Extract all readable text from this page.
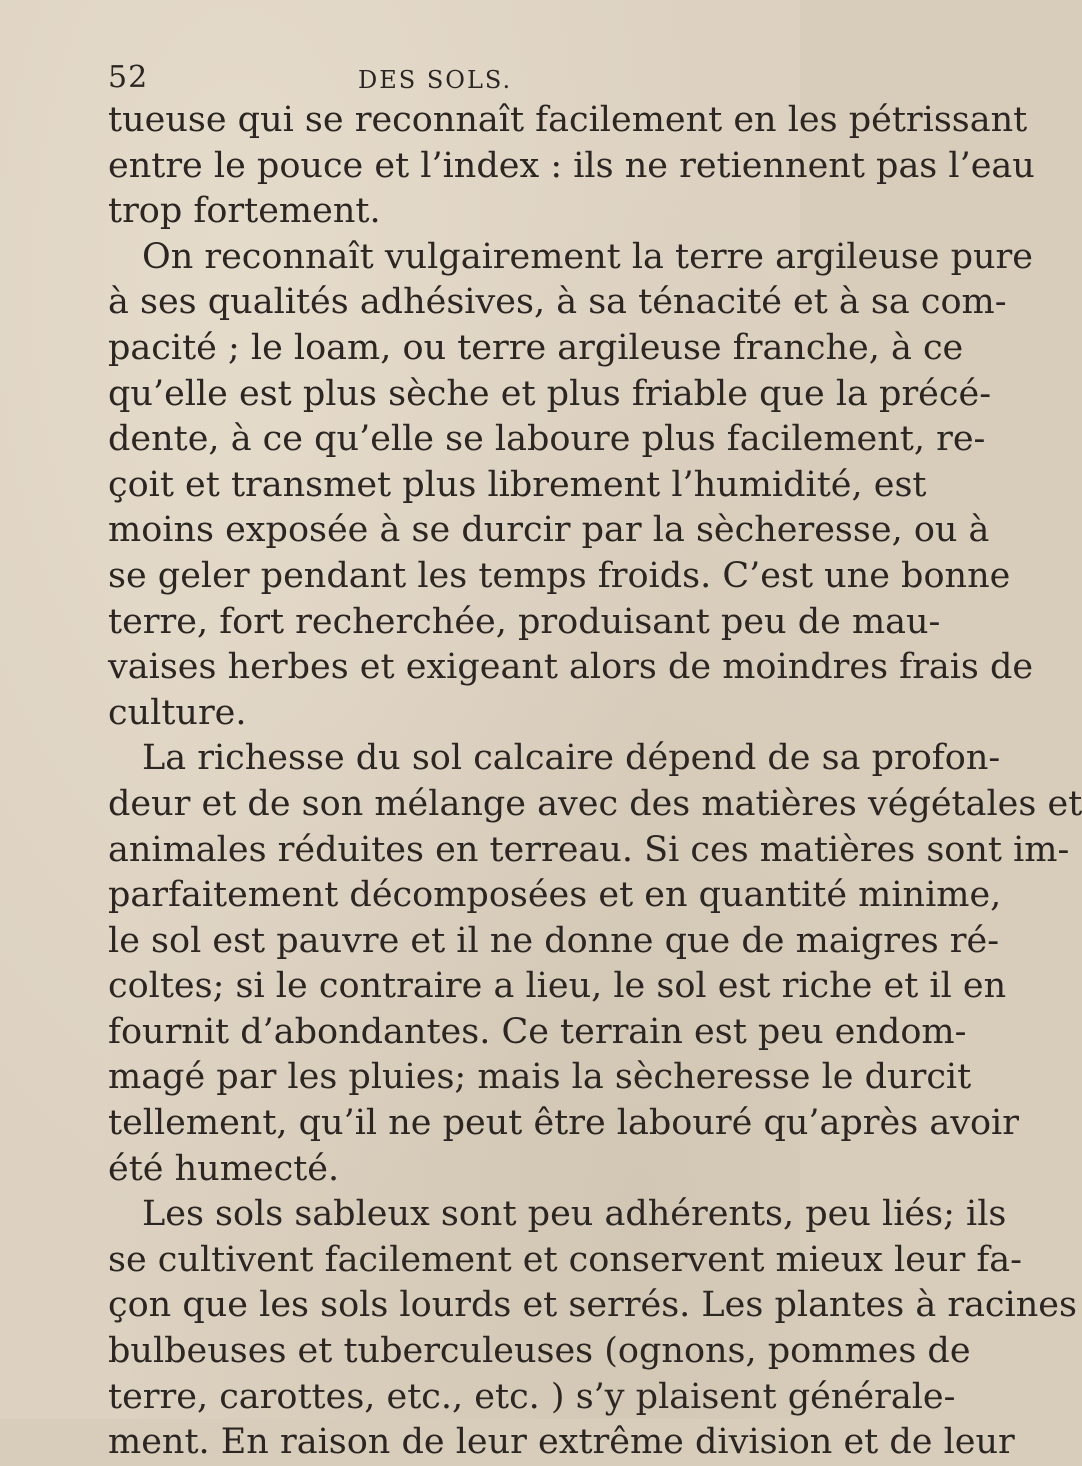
52	DES SOLS.
tueuse qui se reconnaît facilement en les pétrissant
entre le pouce et l’index : ils ne retiennent pas l’eau
trop fortement.
On reconnaît vulgairement la terre argileuse pure
à ses qualités adhésives, à sa ténacité et à sa com-
pacité ; le loam, ou terre argileuse franche, à ce
qu’elle est plus sèche et plus friable que la précé-
dente, à ce qu’elle se laboure plus facilement, re-
çoit et transmet plus librement l’humidité, est
moins exposée à se durcir par la sècheresse, ou à
se geler pendant les temps froids. C’est une bonne
terre, fort recherchée, produisant peu de mau-
vaises herbes et exigeant alors de moindres frais de
culture.
La richesse du sol calcaire dépend de sa profon-
deur et de son mélange avec des matières végétales et
animales réduites en terreau. Si ces matières sont im-
parfaitement décomposées et en quantité minime,
le sol est pauvre et il ne donne que de maigres ré-
coltes; si le contraire a lieu, le sol est riche et il en
fournit d’abondantes. Ce terrain est peu endom-
magé par les pluies; mais la sècheresse le durcit
tellement, qu’il ne peut être labouré qu’après avoir
été humecté.
Les sols sableux sont peu adhérents, peu liés; ils
se cultivent facilement et conservent mieux leur fa-
çon que les sols lourds et serrés. Les plantes à racines
bulbeuses et tuberculeuses (ognons, pommes de
terre, carottes, etc., etc. ) s’y plaisent générale-
ment. En raison de leur extrême division et de leur
